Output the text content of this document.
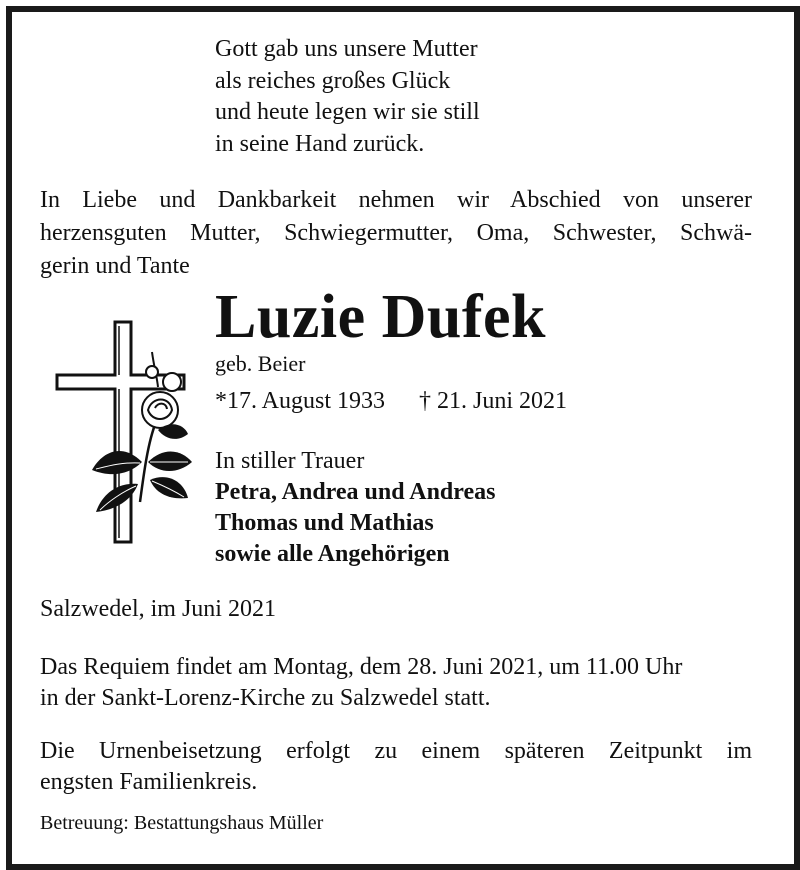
Gott gab uns unsere Mutter
als reiches großes Glück
und heute legen wir sie still
in seine Hand zurück.
In Liebe und Dankbarkeit nehmen wir Abschied von unserer
herzensguten Mutter, Schwiegermutter, Oma, Schwester, Schwä-
gerin und Tante
Luzie Dufek
geb. Beier
*17. August 1933 † 21. Juni 2021
In stiller Trauer
Petra, Andrea und Andreas
Thomas und Mathias
sowie alle Angehörigen
Salzwedel, im Juni 2021
Das Requiem findet am Montag, dem 28. Juni 2021, um 11.00 Uhr
in der Sankt-Lorenz-Kirche zu Salzwedel statt.
Die Urnenbeisetzung erfolgt zu einem späteren Zeitpunkt im
engsten Familienkreis.
Betreuung: Bestattungshaus Müller
